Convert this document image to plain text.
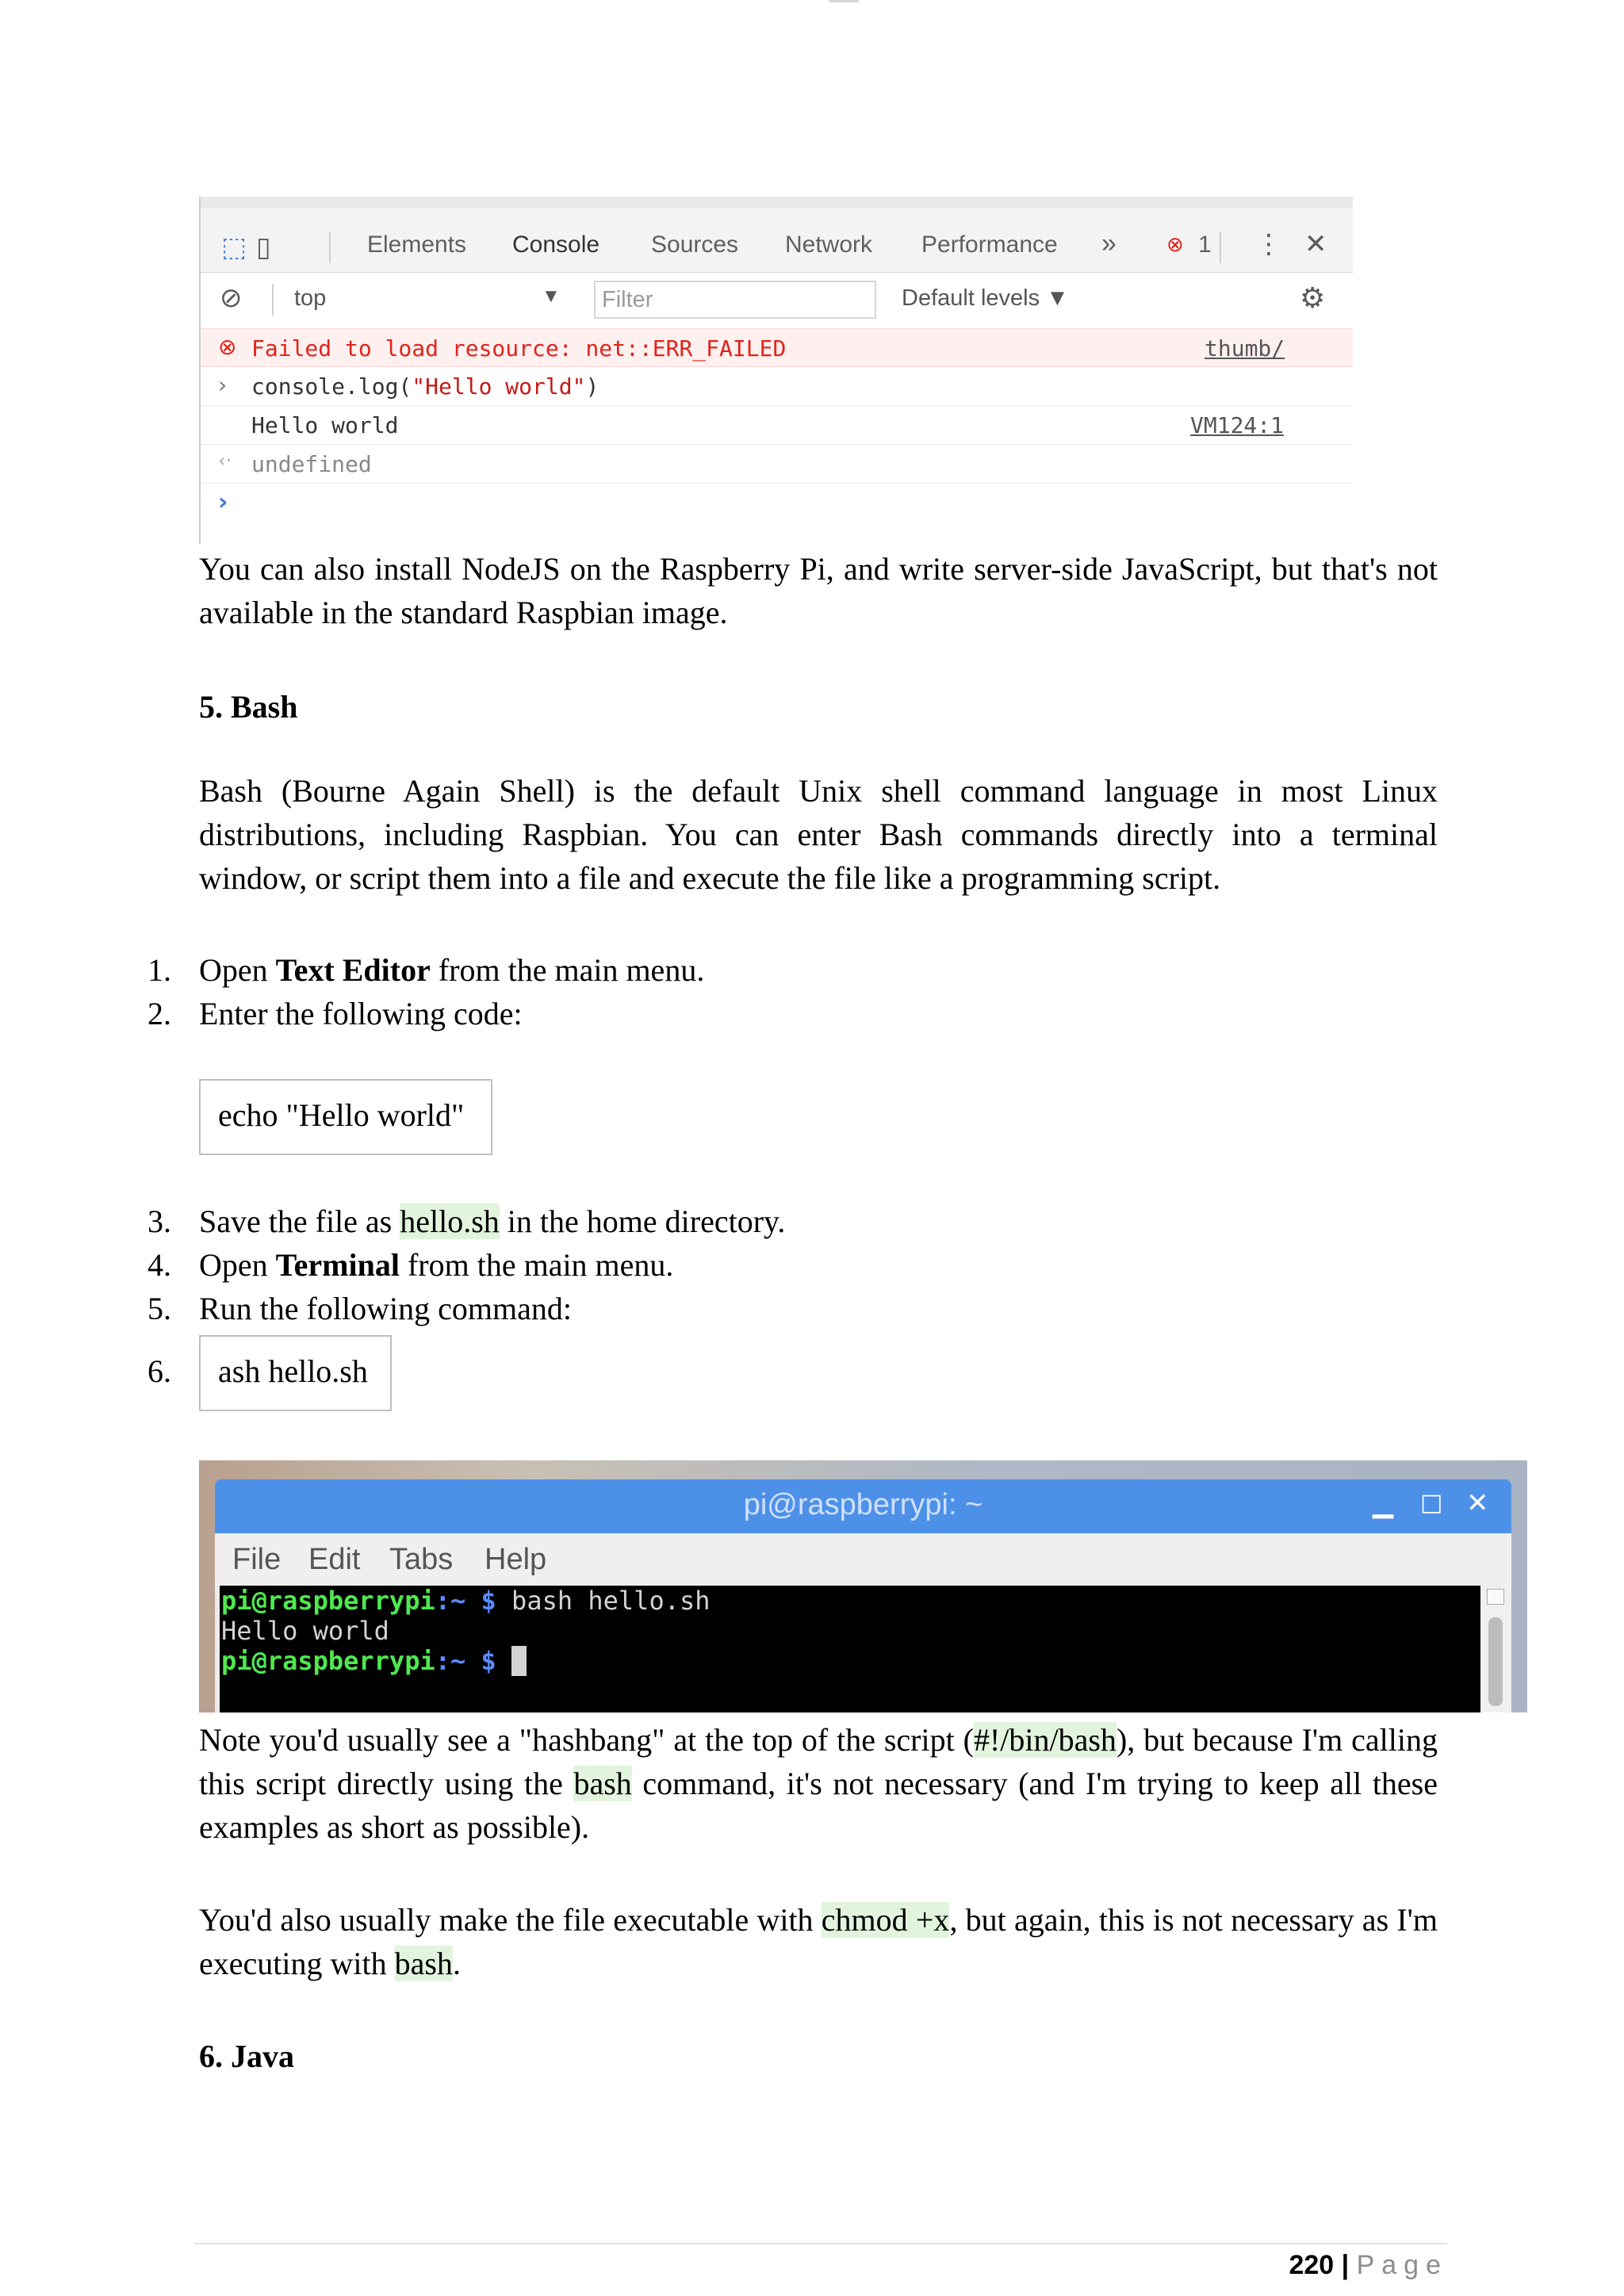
⬚ ▯	Elements Console Sources Network Performance » ⊗ 1 ⋮ ✕
⊘ top	▼	Filter	Default levels ▼	⚙
⊗ Failed to load resource: net::ERR_FAILED	thumb/
› console.log("Hello world")
Hello world	VM124:1
‹· undefined
›
You can also install NodeJS on the Raspberry Pi, and write server-side JavaScript, but that's not available in the standard Raspbian image.
5. Bash
Bash (Bourne Again Shell) is the default Unix shell command language in most Linux distributions, including Raspbian. You can enter Bash commands directly into a terminal window, or script them into a file and execute the file like a programming script.
1. Open Text Editor from the main menu.
2. Enter the following code:
echo "Hello world"
3. Save the file as hello.sh in the home directory.
4. Open Terminal from the main menu.
5. Run the following command:
6.	ash hello.sh
pi@raspberrypi: ~	▁ □ ✕
File Edit Tabs Help
pi@raspberrypi:~ $ bash hello.sh
Hello world
pi@raspberrypi:~ $ ​
Note you'd usually see a "hashbang" at the top of the script (#!/bin/bash), but because I'm calling this script directly using the bash command, it's not necessary (and I'm trying to keep all these examples as short as possible).
You'd also usually make the file executable with chmod +x, but again, this is not necessary as I'm executing with bash.
6. Java
220 | Page
